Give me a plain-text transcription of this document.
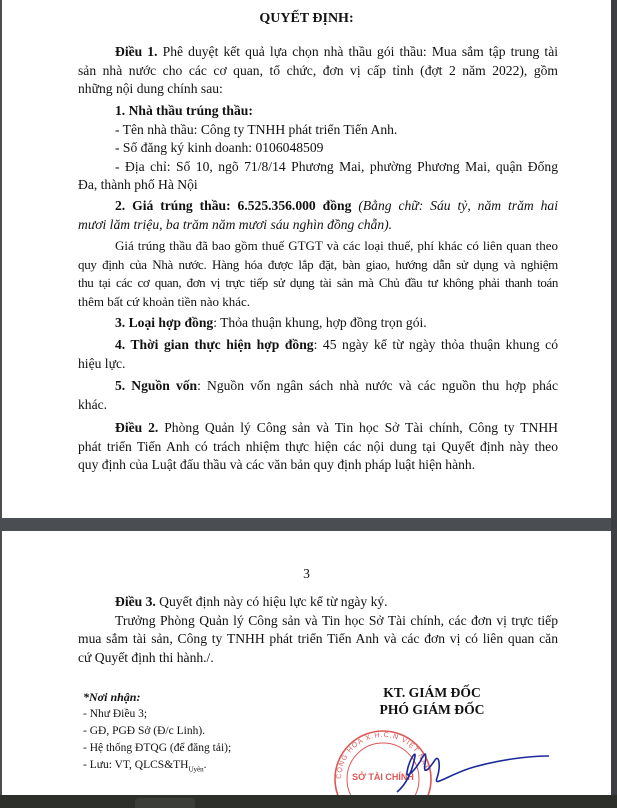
QUYẾT ĐỊNH:
Điều 1. Phê duyệt kết quả lựa chọn nhà thầu gói thầu: Mua sắm tập trung tài
sản nhà nước cho các cơ quan, tổ chức, đơn vị cấp tỉnh (đợt 2 năm 2022), gồm
những nội dung chính sau:
1. Nhà thầu trúng thầu:
- Tên nhà thầu: Công ty TNHH phát triển Tiến Anh.
- Số đăng ký kinh doanh: 0106048509
- Địa chỉ: Số 10, ngõ 71/8/14 Phương Mai, phường Phương Mai, quận Đống
Đa, thành phố Hà Nội
2. Giá trúng thầu: 6.525.356.000 đồng (Bằng chữ: Sáu tỷ, năm trăm hai
mươi lăm triệu, ba trăm năm mươi sáu nghìn đồng chẵn).
Giá trúng thầu đã bao gồm thuế GTGT và các loại thuế, phí khác có liên quan theo
quy định của Nhà nước. Hàng hóa được lắp đặt, bàn giao, hướng dẫn sử dụng và nghiệm
thu tại các cơ quan, đơn vị trực tiếp sử dụng tài sản mà Chủ đầu tư không phải thanh toán
thêm bất cứ khoản tiền nào khác.
3. Loại hợp đồng: Thỏa thuận khung, hợp đồng trọn gói.
4. Thời gian thực hiện hợp đồng: 45 ngày kể từ ngày thỏa thuận khung có
hiệu lực.
5. Nguồn vốn: Nguồn vốn ngân sách nhà nước và các nguồn thu hợp phác
khác.
Điều 2. Phòng Quản lý Công sản và Tin học Sở Tài chính, Công ty TNHH
phát triển Tiến Anh có trách nhiệm thực hiện các nội dung tại Quyết định này theo
quy định của Luật đấu thầu và các văn bản quy định pháp luật hiện hành.
3
Điều 3. Quyết định này có hiệu lực kể từ ngày ký.
Trưởng Phòng Quản lý Công sản và Tin học Sở Tài chính, các đơn vị trực tiếp
mua sắm tài sản, Công ty TNHH phát triển Tiến Anh và các đơn vị có liên quan căn
cứ Quyết định thi hành./.
*Nơi nhận:
- Như Điều 3;
- GĐ, PGĐ Sở (Đ/c Linh).
- Hệ thống ĐTQG (để đăng tải);
- Lưu: VT, $QLCS\&TH_{Uyên}$.
KT. GIÁM ĐỐC
PHÓ GIÁM ĐỐC
CỘNG HÒA X.H.C.N VIỆT NAM
SỞ TÀI CHÍNH
